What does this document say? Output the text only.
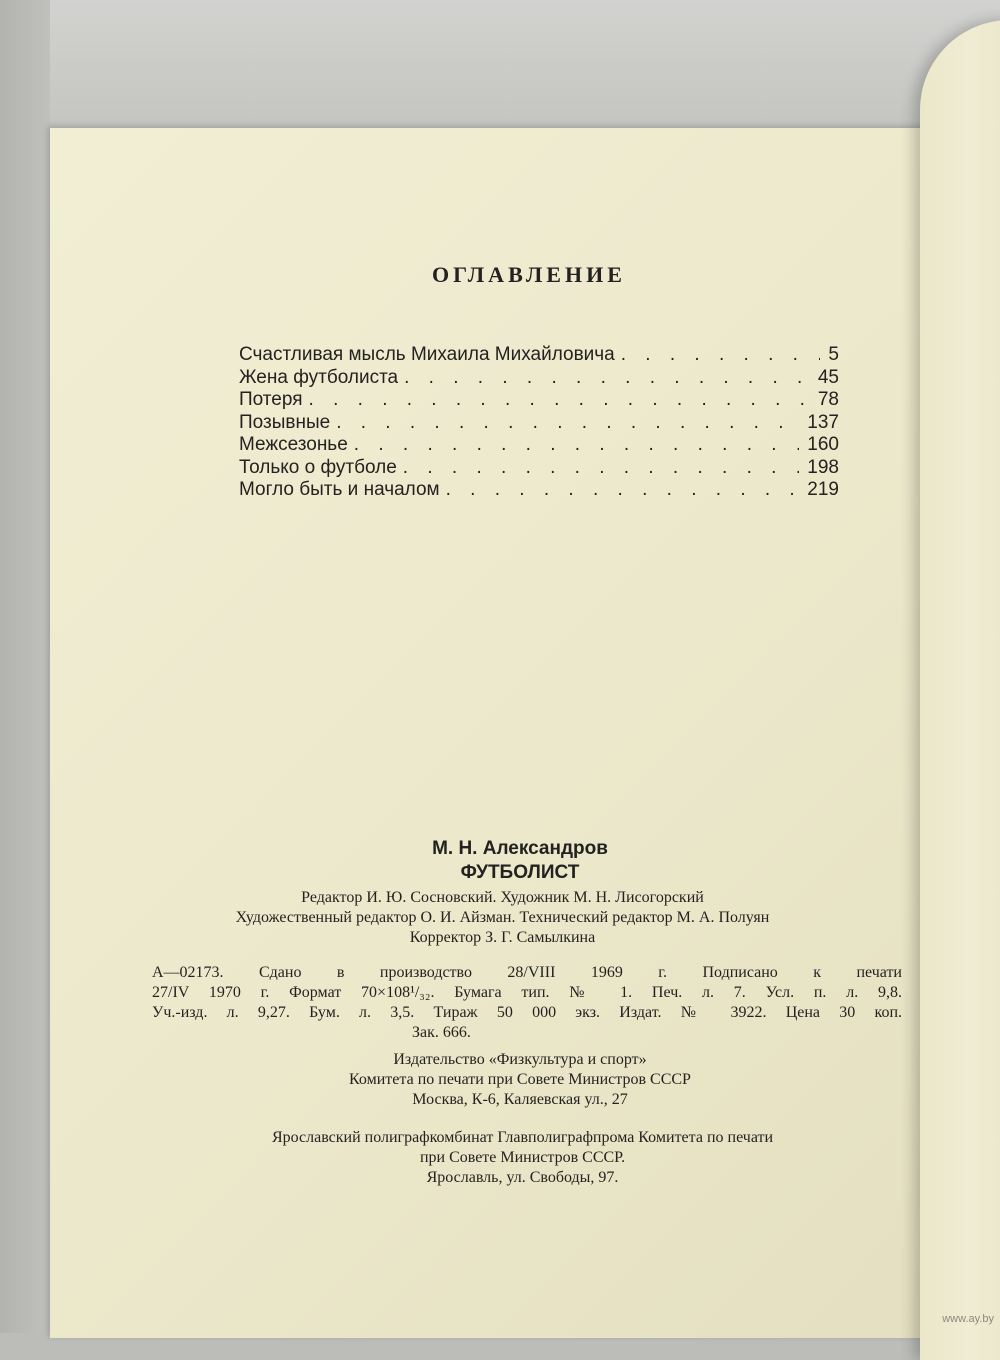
ОГЛАВЛЕНИЕ
Счастливая мысль Михаила Михайловича . . .	5
Жена футболиста . . .	45
Потеря . . .	78
Позывные . . .	137
Межсезонье . . .	160
Только о футболе . . .	198
Могло быть и началом . . .	219
М. Н. Александров
ФУТБОЛИСТ
Редактор И. Ю. Сосновский. Художник М. Н. Лисогорский
Художественный редактор О. И. Айзман. Технический редактор М. А. Полуян
Корректор З. Г. Самылкина
А—02173. Сдано в производство 28/VIII 1969 г. Подписано к печати
27/IV 1970 г. Формат 70×108¹/₃₂. Бумага тип. № 1. Печ. л. 7. Усл. п. л. 9,8.
Уч.-изд. л. 9,27. Бум. л. 3,5. Тираж 50 000 экз. Издат. № 3922. Цена 30 коп.
Зак. 666.
Издательство «Физкультура и спорт»
Комитета по печати при Совете Министров СССР
Москва, К-6, Каляевская ул., 27
Ярославский полиграфкомбинат Главполиграфпрома Комитета по печати
при Совете Министров СССР.
Ярославль, ул. Свободы, 97.
www.ay.by
